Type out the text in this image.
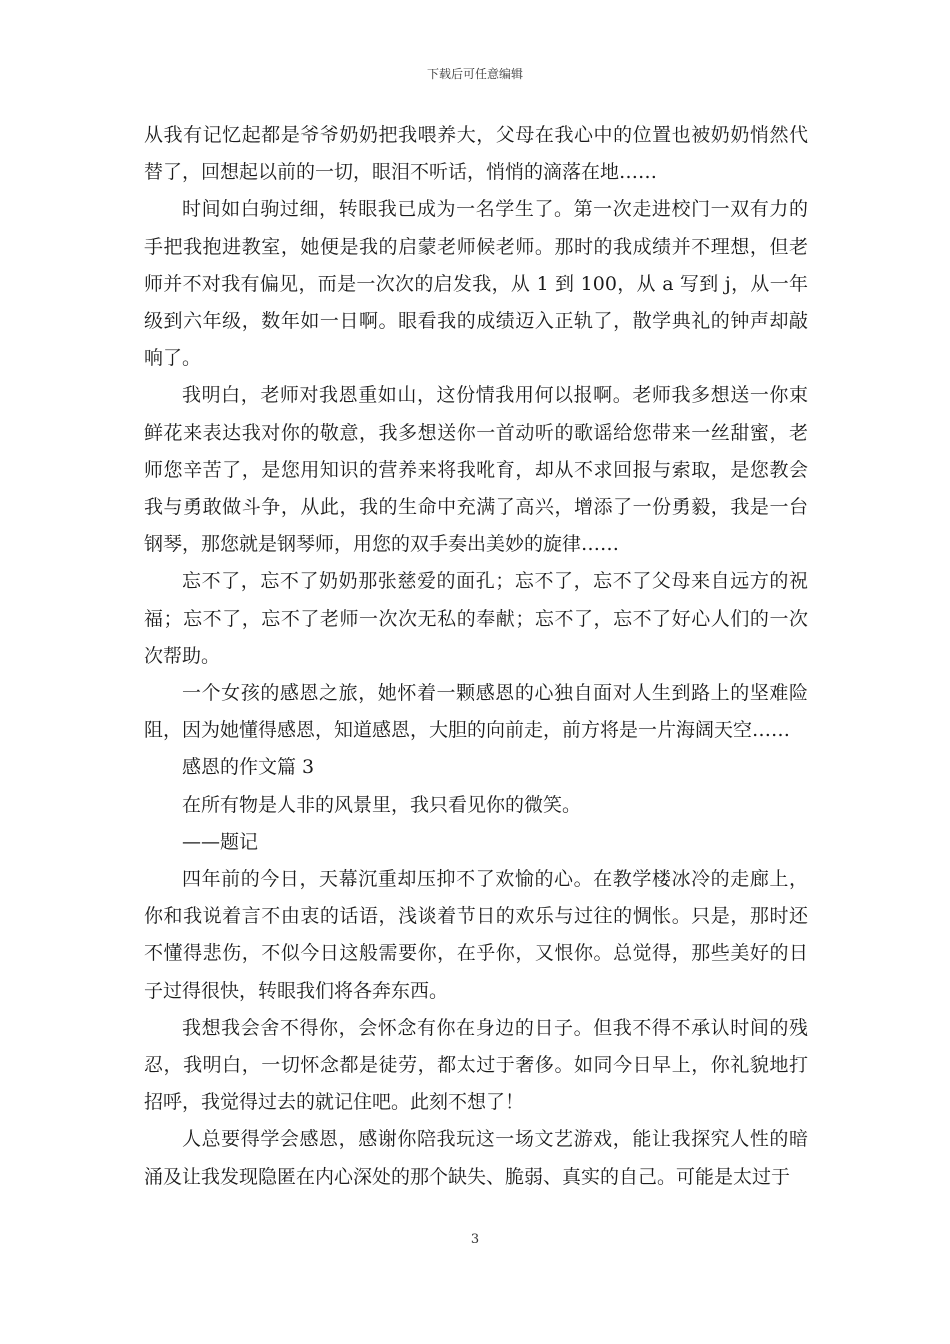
下载后可任意编辑

从我有记忆起都是爷爷奶奶把我喂养大，父母在我心中的位置也被奶奶悄然代替了，回想起以前的一切，眼泪不听话，悄悄的滴落在地……

时间如白驹过细，转眼我已成为一名学生了。第一次走进校门一双有力的手把我抱进教室，她便是我的启蒙老师候老师。那时的我成绩并不理想，但老师并不对我有偏见，而是一次次的启发我，从 1 到 100，从 a 写到 j，从一年级到六年级，数年如一日啊。眼看我的成绩迈入正轨了，散学典礼的钟声却敲响了。

我明白，老师对我恩重如山，这份情我用何以报啊。老师我多想送一你束鲜花来表达我对你的敬意，我多想送你一首动听的歌谣给您带来一丝甜蜜，老师您辛苦了，是您用知识的营养来将我吪育，却从不求回报与索取，是您教会我与勇敢做斗争，从此，我的生命中充满了高兴，增添了一份勇毅，我是一台钢琴，那您就是钢琴师，用您的双手奏出美妙的旋律……

忘不了，忘不了奶奶那张慈爱的面孔；忘不了，忘不了父母来自远方的祝福；忘不了，忘不了老师一次次无私的奉献；忘不了，忘不了好心人们的一次次帮助。

一个女孩的感恩之旅，她怀着一颗感恩的心独自面对人生到路上的坚难险阻，因为她懂得感恩，知道感恩，大胆的向前走，前方将是一片海阔天空……

感恩的作文篇 3

在所有物是人非的风景里，我只看见你的微笑。

——题记

四年前的今日，天幕沉重却压抑不了欢愉的心。在教学楼冰冷的走廊上，你和我说着言不由衷的话语，浅谈着节日的欢乐与过往的惆怅。只是，那时还不懂得悲伤，不似今日这般需要你，在乎你，又恨你。总觉得，那些美好的日子过得很快，转眼我们将各奔东西。

我想我会舍不得你，会怀念有你在身边的日子。但我不得不承认时间的残忍，我明白，一切怀念都是徒劳，都太过于奢侈。如同今日早上，你礼貌地打招呼，我觉得过去的就记住吧。此刻不想了！

人总要得学会感恩，感谢你陪我玩这一场文艺游戏，能让我探究人性的暗涌及让我发现隐匿在内心深处的那个缺失、脆弱、真实的自己。可能是太过于

3
